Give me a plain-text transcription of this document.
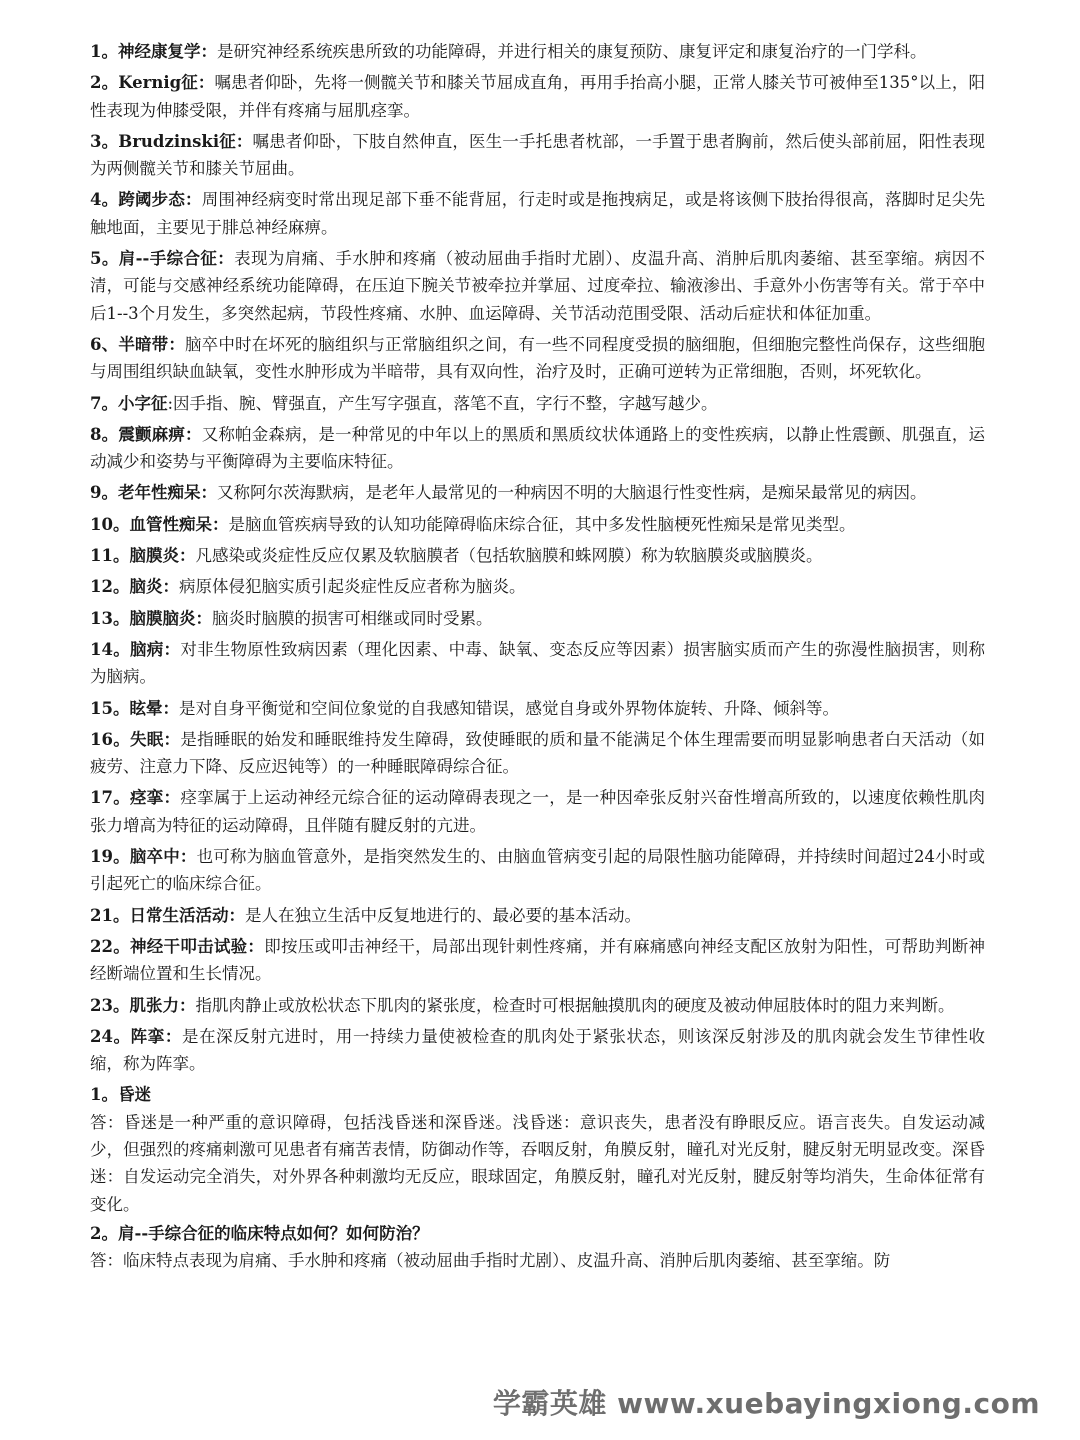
1。神经康复学：是研究神经系统疾患所致的功能障碍，并进行相关的康复预防、康复评定和康复治疗的一门学科。

2。Kernig征：嘱患者仰卧，先将一侧髋关节和膝关节屈成直角，再用手抬高小腿，正常人膝关节可被伸至135°以上，阳性表现为伸膝受限，并伴有疼痛与屈肌痉挛。

3。Brudzinski征：嘱患者仰卧，下肢自然伸直，医生一手托患者枕部，一手置于患者胸前，然后使头部前屈，阳性表现为两侧髋关节和膝关节屈曲。

4。跨阈步态：周围神经病变时常出现足部下垂不能背屈，行走时或是拖拽病足，或是将该侧下肢抬得很高，落脚时足尖先触地面，主要见于腓总神经麻痹。

5。肩--手综合征：表现为肩痛、手水肿和疼痛（被动屈曲手指时尤剧）、皮温升高、消肿后肌肉萎缩、甚至挛缩。病因不清，可能与交感神经系统功能障碍，在压迫下腕关节被牵拉并掌屈、过度牵拉、输液渗出、手意外小伤害等有关。常于卒中后1--3个月发生，多突然起病，节段性疼痛、水肿、血运障碍、关节活动范围受限、活动后症状和体征加重。

6、半暗带：脑卒中时在坏死的脑组织与正常脑组织之间，有一些不同程度受损的脑细胞，但细胞完整性尚保存，这些细胞与周围组织缺血缺氧，变性水肿形成为半暗带，具有双向性，治疗及时，正确可逆转为正常细胞，否则，坏死软化。

7。小字征:因手指、腕、臂强直，产生写字强直，落笔不直，字行不整，字越写越少。

8。震颤麻痹：又称帕金森病，是一种常见的中年以上的黑质和黑质纹状体通路上的变性疾病，以静止性震颤、肌强直，运动减少和姿势与平衡障碍为主要临床特征。

9。老年性痴呆：又称阿尔茨海默病，是老年人最常见的一种病因不明的大脑退行性变性病，是痴呆最常见的病因。

10。血管性痴呆：是脑血管疾病导致的认知功能障碍临床综合征，其中多发性脑梗死性痴呆是常见类型。

11。脑膜炎：凡感染或炎症性反应仅累及软脑膜者（包括软脑膜和蛛网膜）称为软脑膜炎或脑膜炎。

12。脑炎：病原体侵犯脑实质引起炎症性反应者称为脑炎。

13。脑膜脑炎：脑炎时脑膜的损害可相继或同时受累。

14。脑病：对非生物原性致病因素（理化因素、中毒、缺氧、变态反应等因素）损害脑实质而产生的弥漫性脑损害，则称为脑病。

15。眩晕：是对自身平衡觉和空间位象觉的自我感知错误，感觉自身或外界物体旋转、升降、倾斜等。

16。失眠：是指睡眠的始发和睡眠维持发生障碍，致使睡眠的质和量不能满足个体生理需要而明显影响患者白天活动（如疲劳、注意力下降、反应迟钝等）的一种睡眠障碍综合征。

17。痉挛：痉挛属于上运动神经元综合征的运动障碍表现之一，是一种因牵张反射兴奋性增高所致的，以速度依赖性肌肉张力增高为特征的运动障碍，且伴随有腱反射的亢进。

19。脑卒中：也可称为脑血管意外，是指突然发生的、由脑血管病变引起的局限性脑功能障碍，并持续时间超过24小时或引起死亡的临床综合征。

21。日常生活活动：是人在独立生活中反复地进行的、最必要的基本活动。

22。神经干叩击试验：即按压或叩击神经干，局部出现针刺性疼痛，并有麻痛感向神经支配区放射为阳性，可帮助判断神经断端位置和生长情况。

23。肌张力：指肌肉静止或放松状态下肌肉的紧张度，检查时可根据触摸肌肉的硬度及被动伸屈肢体时的阻力来判断。

24。阵挛：是在深反射亢进时，用一持续力量使被检查的肌肉处于紧张状态，则该深反射涉及的肌肉就会发生节律性收缩，称为阵挛。

1。昏迷

答：昏迷是一种严重的意识障碍，包括浅昏迷和深昏迷。浅昏迷：意识丧失，患者没有睁眼反应。语言丧失。自发运动减少，但强烈的疼痛刺激可见患者有痛苦表情，防御动作等，吞咽反射，角膜反射，瞳孔对光反射，腱反射无明显改变。深昏迷：自发运动完全消失，对外界各种刺激均无反应，眼球固定，角膜反射，瞳孔对光反射，腱反射等均消失，生命体征常有变化。

2。肩--手综合征的临床特点如何？如何防治？

答：临床特点表现为肩痛、手水肿和疼痛（被动屈曲手指时尤剧）、皮温升高、消肿后肌肉萎缩、甚至挛缩。防

学霸英雄 www.xuebayingxiong.com
